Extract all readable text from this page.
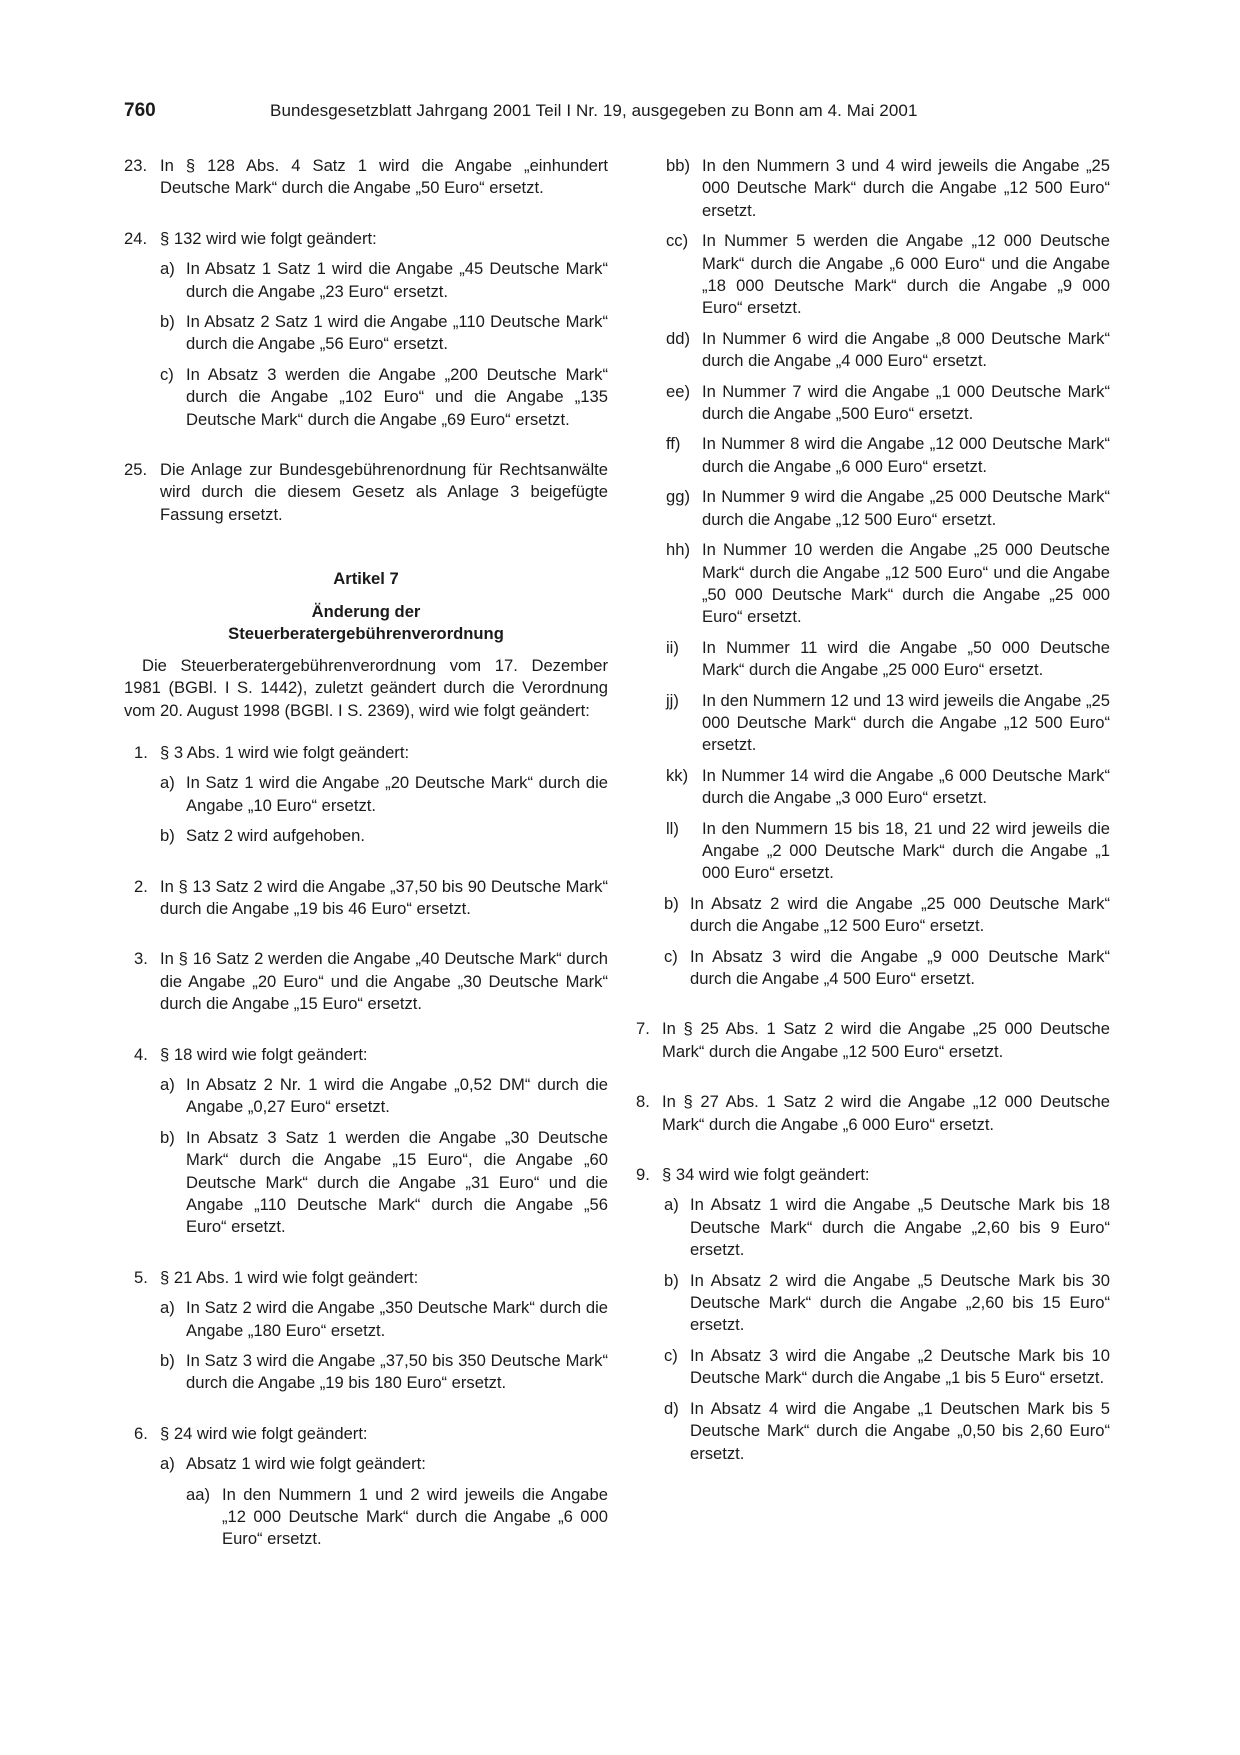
760	Bundesgesetzblatt Jahrgang 2001 Teil I Nr. 19, ausgegeben zu Bonn am 4. Mai 2001
23. In § 128 Abs. 4 Satz 1 wird die Angabe „einhundert Deutsche Mark“ durch die Angabe „50 Euro“ ersetzt.
24. § 132 wird wie folgt geändert:
a) In Absatz 1 Satz 1 wird die Angabe „45 Deutsche Mark“ durch die Angabe „23 Euro“ ersetzt.
b) In Absatz 2 Satz 1 wird die Angabe „110 Deutsche Mark“ durch die Angabe „56 Euro“ ersetzt.
c) In Absatz 3 werden die Angabe „200 Deutsche Mark“ durch die Angabe „102 Euro“ und die Angabe „135 Deutsche Mark“ durch die Angabe „69 Euro“ ersetzt.
25. Die Anlage zur Bundesgebührenordnung für Rechtsanwälte wird durch die diesem Gesetz als Anlage 3 beigefügte Fassung ersetzt.
Artikel 7
Änderung der
Steuerberatergebührenverordnung
Die Steuerberatergebührenverordnung vom 17. Dezember 1981 (BGBl. I S. 1442), zuletzt geändert durch die Verordnung vom 20. August 1998 (BGBl. I S. 2369), wird wie folgt geändert:
1. § 3 Abs. 1 wird wie folgt geändert:
a) In Satz 1 wird die Angabe „20 Deutsche Mark“ durch die Angabe „10 Euro“ ersetzt.
b) Satz 2 wird aufgehoben.
2. In § 13 Satz 2 wird die Angabe „37,50 bis 90 Deutsche Mark“ durch die Angabe „19 bis 46 Euro“ ersetzt.
3. In § 16 Satz 2 werden die Angabe „40 Deutsche Mark“ durch die Angabe „20 Euro“ und die Angabe „30 Deutsche Mark“ durch die Angabe „15 Euro“ ersetzt.
4. § 18 wird wie folgt geändert:
a) In Absatz 2 Nr. 1 wird die Angabe „0,52 DM“ durch die Angabe „0,27 Euro“ ersetzt.
b) In Absatz 3 Satz 1 werden die Angabe „30 Deutsche Mark“ durch die Angabe „15 Euro“, die Angabe „60 Deutsche Mark“ durch die Angabe „31 Euro“ und die Angabe „110 Deutsche Mark“ durch die Angabe „56 Euro“ ersetzt.
5. § 21 Abs. 1 wird wie folgt geändert:
a) In Satz 2 wird die Angabe „350 Deutsche Mark“ durch die Angabe „180 Euro“ ersetzt.
b) In Satz 3 wird die Angabe „37,50 bis 350 Deutsche Mark“ durch die Angabe „19 bis 180 Euro“ ersetzt.
6. § 24 wird wie folgt geändert:
a) Absatz 1 wird wie folgt geändert:
aa) In den Nummern 1 und 2 wird jeweils die Angabe „12 000 Deutsche Mark“ durch die Angabe „6 000 Euro“ ersetzt.
bb) In den Nummern 3 und 4 wird jeweils die Angabe „25 000 Deutsche Mark“ durch die Angabe „12 500 Euro“ ersetzt.
cc) In Nummer 5 werden die Angabe „12 000 Deutsche Mark“ durch die Angabe „6 000 Euro“ und die Angabe „18 000 Deutsche Mark“ durch die Angabe „9 000 Euro“ ersetzt.
dd) In Nummer 6 wird die Angabe „8 000 Deutsche Mark“ durch die Angabe „4 000 Euro“ ersetzt.
ee) In Nummer 7 wird die Angabe „1 000 Deutsche Mark“ durch die Angabe „500 Euro“ ersetzt.
ff)	In Nummer 8 wird die Angabe „12 000 Deutsche Mark“ durch die Angabe „6 000 Euro“ ersetzt.
gg) In Nummer 9 wird die Angabe „25 000 Deutsche Mark“ durch die Angabe „12 500 Euro“ ersetzt.
hh) In Nummer 10 werden die Angabe „25 000 Deutsche Mark“ durch die Angabe „12 500 Euro“ und die Angabe „50 000 Deutsche Mark“ durch die Angabe „25 000 Euro“ ersetzt.
ii)	In Nummer 11 wird die Angabe „50 000 Deutsche Mark“ durch die Angabe „25 000 Euro“ ersetzt.
jj)	In den Nummern 12 und 13 wird jeweils die Angabe „25 000 Deutsche Mark“ durch die Angabe „12 500 Euro“ ersetzt.
kk) In Nummer 14 wird die Angabe „6 000 Deutsche Mark“ durch die Angabe „3 000 Euro“ ersetzt.
ll)	In den Nummern 15 bis 18, 21 und 22 wird jeweils die Angabe „2 000 Deutsche Mark“ durch die Angabe „1 000 Euro“ ersetzt.
b) In Absatz 2 wird die Angabe „25 000 Deutsche Mark“ durch die Angabe „12 500 Euro“ ersetzt.
c) In Absatz 3 wird die Angabe „9 000 Deutsche Mark“ durch die Angabe „4 500 Euro“ ersetzt.
7. In § 25 Abs. 1 Satz 2 wird die Angabe „25 000 Deutsche Mark“ durch die Angabe „12 500 Euro“ ersetzt.
8. In § 27 Abs. 1 Satz 2 wird die Angabe „12 000 Deutsche Mark“ durch die Angabe „6 000 Euro“ ersetzt.
9. § 34 wird wie folgt geändert:
a) In Absatz 1 wird die Angabe „5 Deutsche Mark bis 18 Deutsche Mark“ durch die Angabe „2,60 bis 9 Euro“ ersetzt.
b) In Absatz 2 wird die Angabe „5 Deutsche Mark bis 30 Deutsche Mark“ durch die Angabe „2,60 bis 15 Euro“ ersetzt.
c) In Absatz 3 wird die Angabe „2 Deutsche Mark bis 10 Deutsche Mark“ durch die Angabe „1 bis 5 Euro“ ersetzt.
d) In Absatz 4 wird die Angabe „1 Deutschen Mark bis 5 Deutsche Mark“ durch die Angabe „0,50 bis 2,60 Euro“ ersetzt.
